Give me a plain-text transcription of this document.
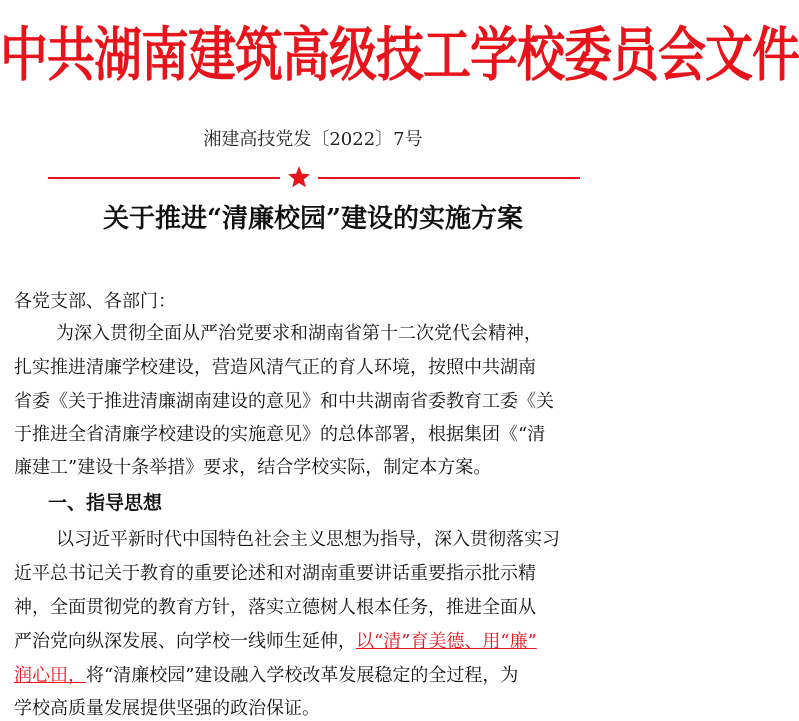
中共湖南建筑高级技工学校委员会文件
湘建高技党发〔2022〕7号
关于推进“清廉校园”建设的实施方案
各党支部、各部门：
为深入贯彻全面从严治党要求和湖南省第十二次党代会精神，
扎实推进清廉学校建设，营造风清气正的育人环境，按照中共湖南
省委《关于推进清廉湖南建设的意见》和中共湖南省委教育工委《关
于推进全省清廉学校建设的实施意见》的总体部署，根据集团《“清
廉建工”建设十条举措》要求，结合学校实际，制定本方案。
一、指导思想
以习近平新时代中国特色社会主义思想为指导，深入贯彻落实习
近平总书记关于教育的重要论述和对湖南重要讲话重要指示批示精
神，全面贯彻党的教育方针，落实立德树人根本任务，推进全面从
严治党向纵深发展、向学校一线师生延伸，以“清”育美德、用“廉”
润心田，将“清廉校园”建设融入学校改革发展稳定的全过程，为
学校高质量发展提供坚强的政治保证。
